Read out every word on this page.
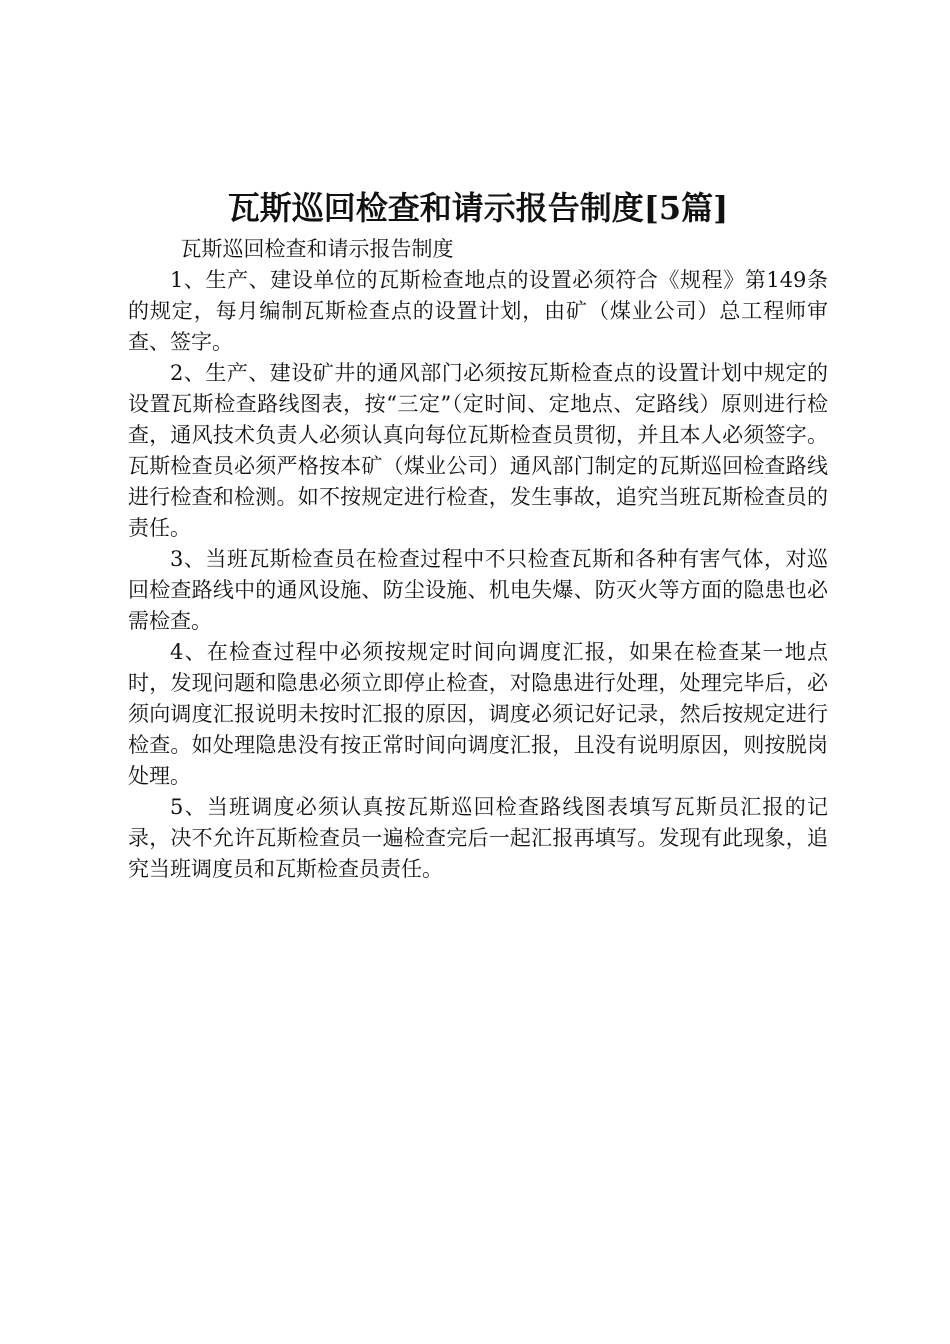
瓦斯巡回检查和请示报告制度[5篇]

瓦斯巡回检查和请示报告制度

1、生产、建设单位的瓦斯检查地点的设置必须符合《规程》第149条的规定，每月编制瓦斯检查点的设置计划，由矿（煤业公司）总工程师审查、签字。

2、生产、建设矿井的通风部门必须按瓦斯检查点的设置计划中规定的设置瓦斯检查路线图表，按“三定”（定时间、定地点、定路线）原则进行检查，通风技术负责人必须认真向每位瓦斯检查员贯彻，并且本人必须签字。瓦斯检查员必须严格按本矿（煤业公司）通风部门制定的瓦斯巡回检查路线进行检查和检测。如不按规定进行检查，发生事故，追究当班瓦斯检查员的责任。

3、当班瓦斯检查员在检查过程中不只检查瓦斯和各种有害气体，对巡回检查路线中的通风设施、防尘设施、机电失爆、防灭火等方面的隐患也必需检查。

4、在检查过程中必须按规定时间向调度汇报，如果在检查某一地点时，发现问题和隐患必须立即停止检查，对隐患进行处理，处理完毕后，必须向调度汇报说明未按时汇报的原因，调度必须记好记录，然后按规定进行检查。如处理隐患没有按正常时间向调度汇报，且没有说明原因，则按脱岗处理。

5、当班调度必须认真按瓦斯巡回检查路线图表填写瓦斯员汇报的记录，决不允许瓦斯检查员一遍检查完后一起汇报再填写。发现有此现象，追究当班调度员和瓦斯检查员责任。
